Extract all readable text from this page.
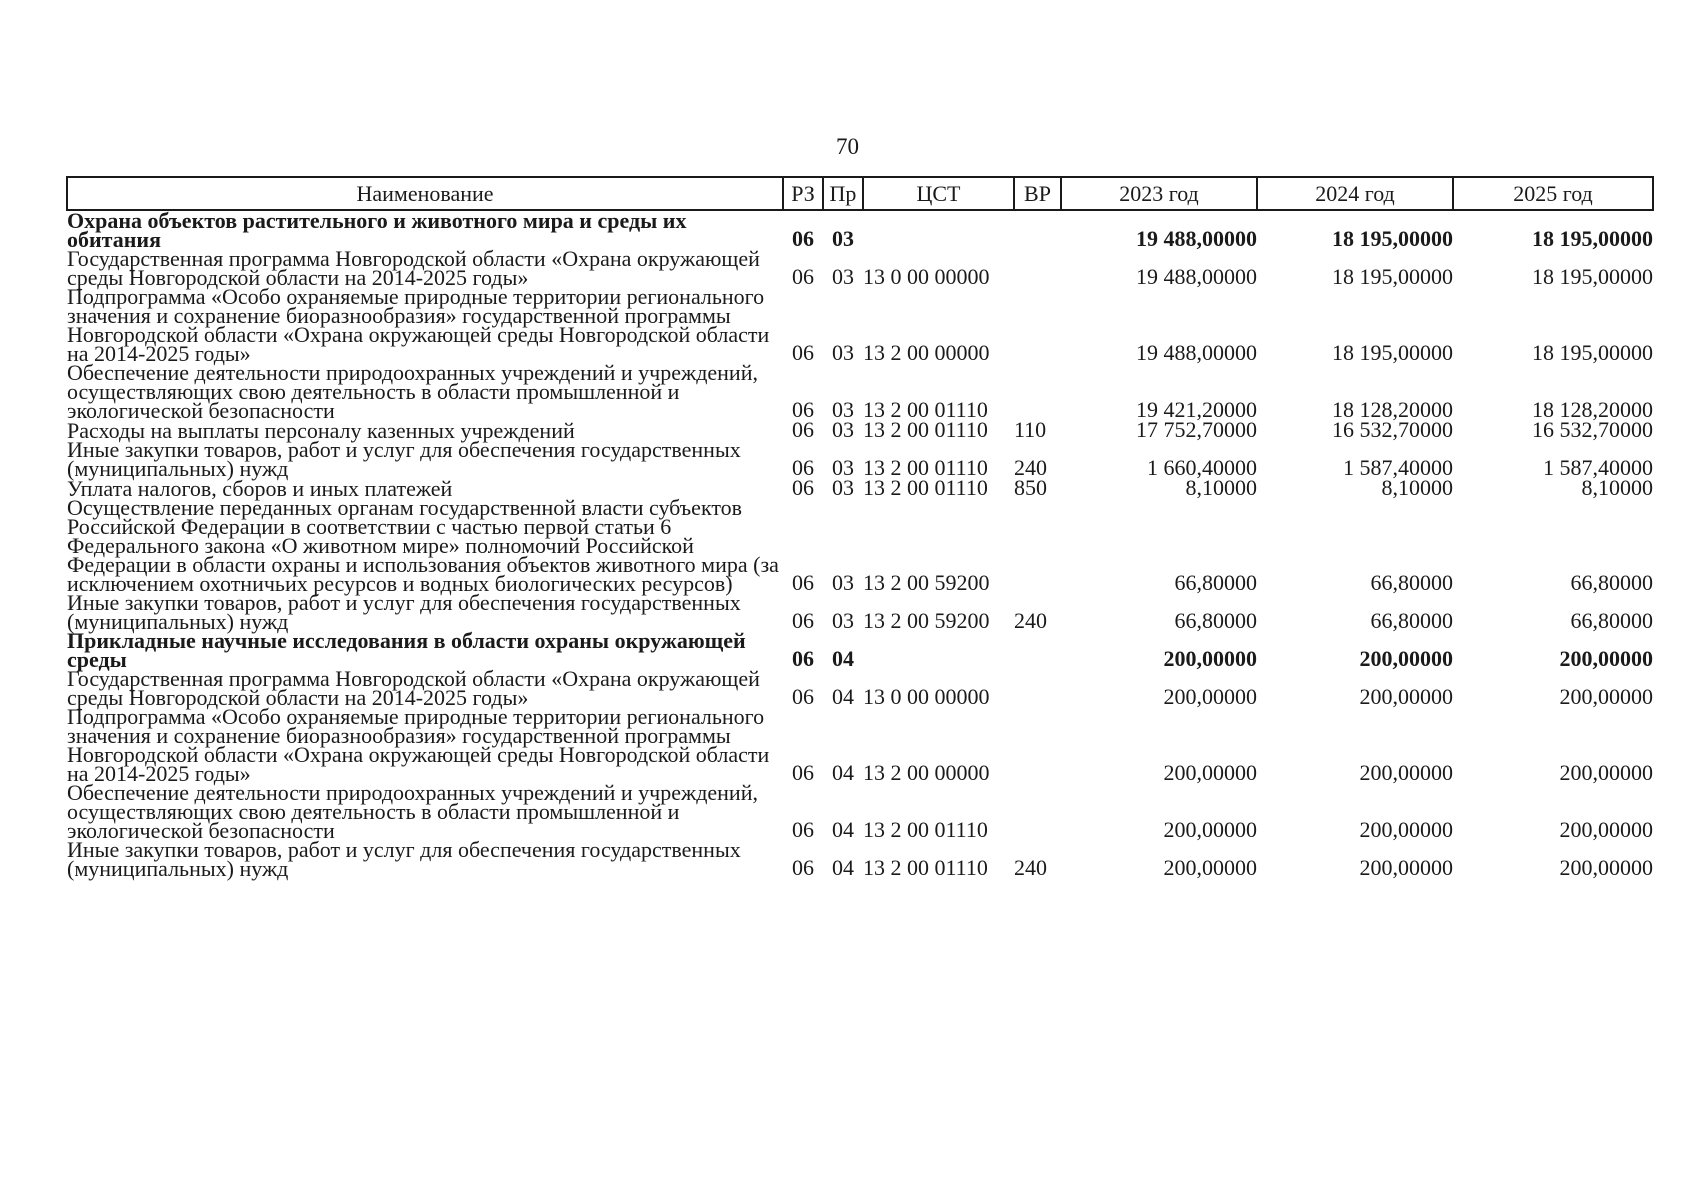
70
Наименование	РЗ	Пр	ЦСТ	ВР	2023 год	2024 год	2025 год
Охрана объектов растительного и животного мира и среды их обитания	06	03			19 488,00000	18 195,00000	18 195,00000
Государственная программа Новгородской области «Охрана окружающей среды Новгородской области на 2014-2025 годы»	06	03	13 0 00 00000		19 488,00000	18 195,00000	18 195,00000
Подпрограмма «Особо охраняемые природные территории регионального значения и сохранение биоразнообразия» государственной программы Новгородской области «Охрана окружающей среды Новгородской области на 2014-2025 годы»	06	03	13 2 00 00000		19 488,00000	18 195,00000	18 195,00000
Обеспечение деятельности природоохранных учреждений и учреждений, осуществляющих свою деятельность в области промышленной и экологической безопасности	06	03	13 2 00 01110		19 421,20000	18 128,20000	18 128,20000
Расходы на выплаты персоналу казенных учреждений	06	03	13 2 00 01110	110	17 752,70000	16 532,70000	16 532,70000
Иные закупки товаров, работ и услуг для обеспечения государственных (муниципальных) нужд	06	03	13 2 00 01110	240	1 660,40000	1 587,40000	1 587,40000
Уплата налогов, сборов и иных платежей	06	03	13 2 00 01110	850	8,10000	8,10000	8,10000
Осуществление переданных органам государственной власти субъектов Российской Федерации в соответствии с частью первой статьи 6 Федерального закона «О животном мире» полномочий Российской Федерации в области охраны и использования объектов животного мира (за исключением охотничьих ресурсов и водных биологических ресурсов)	06	03	13 2 00 59200		66,80000	66,80000	66,80000
Иные закупки товаров, работ и услуг для обеспечения государственных (муниципальных) нужд	06	03	13 2 00 59200	240	66,80000	66,80000	66,80000
Прикладные научные исследования в области охраны окружающей среды	06	04			200,00000	200,00000	200,00000
Государственная программа Новгородской области «Охрана окружающей среды Новгородской области на 2014-2025 годы»	06	04	13 0 00 00000		200,00000	200,00000	200,00000
Подпрограмма «Особо охраняемые природные территории регионального значения и сохранение биоразнообразия» государственной программы Новгородской области «Охрана окружающей среды Новгородской области на 2014-2025 годы»	06	04	13 2 00 00000		200,00000	200,00000	200,00000
Обеспечение деятельности природоохранных учреждений и учреждений, осуществляющих свою деятельность в области промышленной и экологической безопасности	06	04	13 2 00 01110		200,00000	200,00000	200,00000
Иные закупки товаров, работ и услуг для обеспечения государственных (муниципальных) нужд	06	04	13 2 00 01110	240	200,00000	200,00000	200,00000
